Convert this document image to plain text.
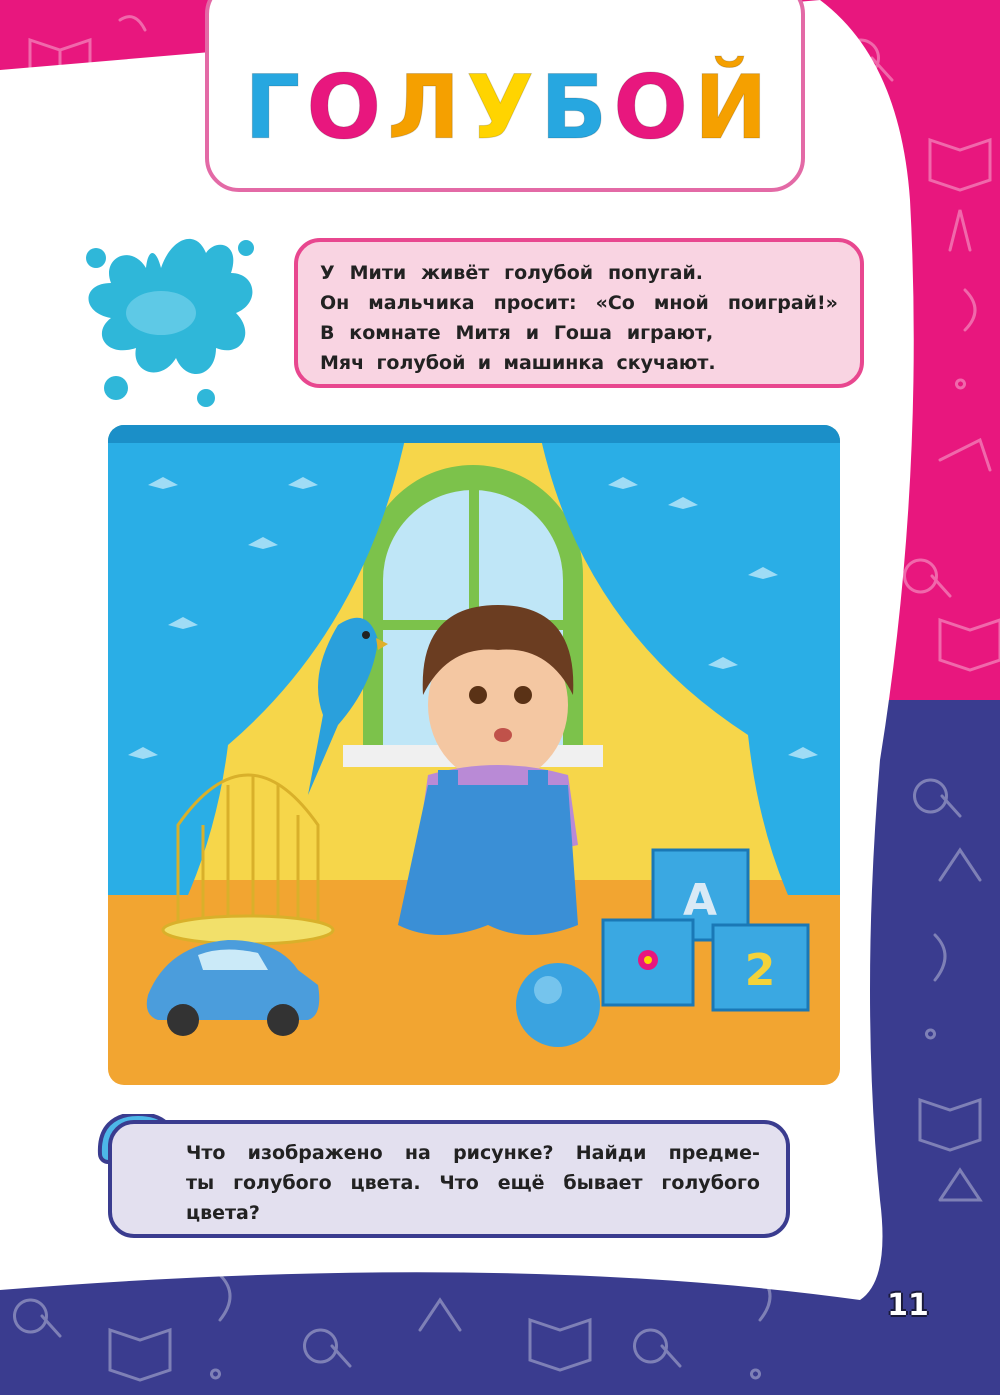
ГОЛУБОЙ
У Мити живёт голубой попугай.
Он мальчика просит: «Со мной поиграй!»
В комнате Митя и Гоша играют,
Мяч голубой и машинка скучают.
А
2
Что изображено на рисунке? Найди предме-
ты голубого цвета. Что ещё бывает голубого
цвета?
11
